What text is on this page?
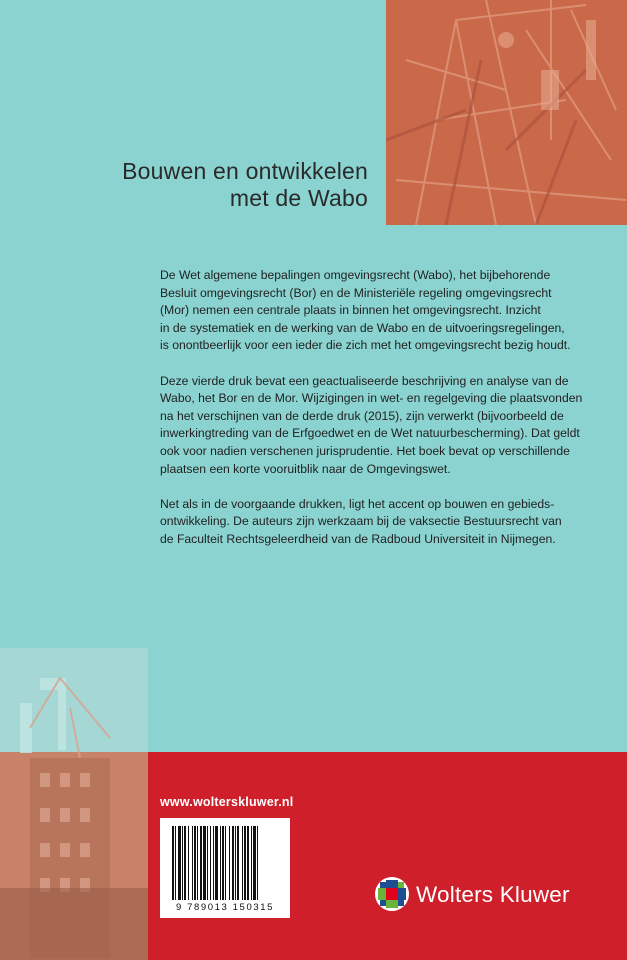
Bouwen en ontwikkelen
met de Wabo

De Wet algemene bepalingen omgevingsrecht (Wabo), het bijbehorende
Besluit omgevingsrecht (Bor) en de Ministeriële regeling omgevingsrecht
(Mor) nemen een centrale plaats in binnen het omgevingsrecht. Inzicht
in de systematiek en de werking van de Wabo en de uitvoeringsregelingen,
is onontbeerlijk voor een ieder die zich met het omgevingsrecht bezig houdt.

Deze vierde druk bevat een geactualiseerde beschrijving en analyse van de
Wabo, het Bor en de Mor. Wijzigingen in wet- en regelgeving die plaatsvonden
na het verschijnen van de derde druk (2015), zijn verwerkt (bijvoorbeeld de
inwerkingtreding van de Erfgoedwet en de Wet natuurbescherming). Dat geldt
ook voor nadien verschenen jurisprudentie. Het boek bevat op verschillende
plaatsen een korte vooruitblik naar de Omgevingswet.

Net als in de voorgaande drukken, ligt het accent op bouwen en gebieds-
ontwikkeling. De auteurs zijn werkzaam bij de vaksectie Bestuursrecht van
de Faculteit Rechtsgeleerdheid van de Radboud Universiteit in Nijmegen.

www.wolterskluwer.nl
9 789013 150315
Wolters Kluwer
